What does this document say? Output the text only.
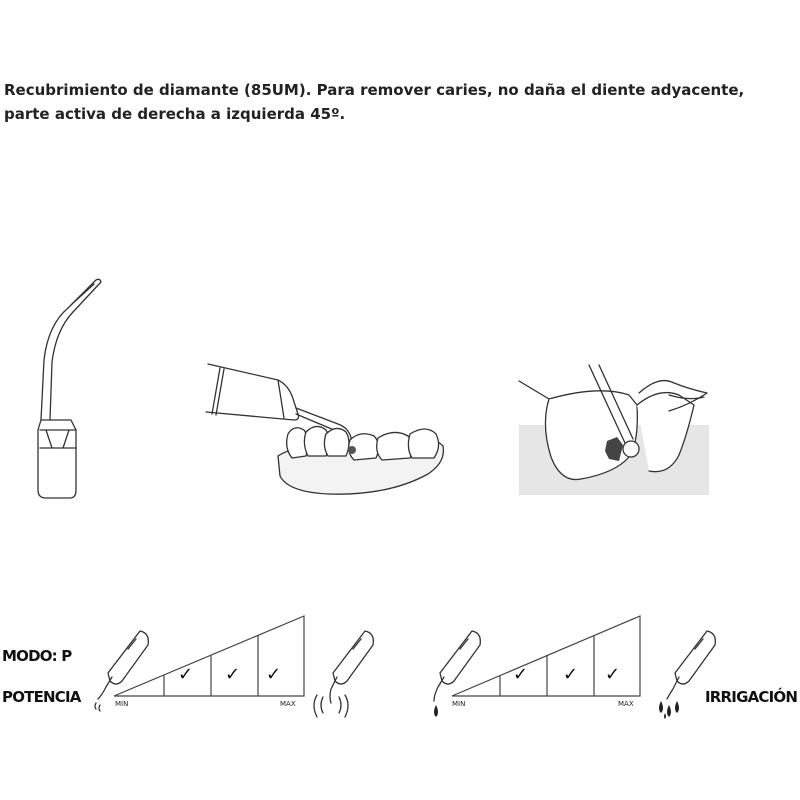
Recubrimiento de diamante (85UM). Para remover caries, no daña el diente adyacente,
parte activa de derecha a izquierda 45º.
MODO: P
POTENCIA	IRRIGACIÓN
✓ ✓ ✓
MIN	MAX
✓ ✓ ✓
MIN	MAX
